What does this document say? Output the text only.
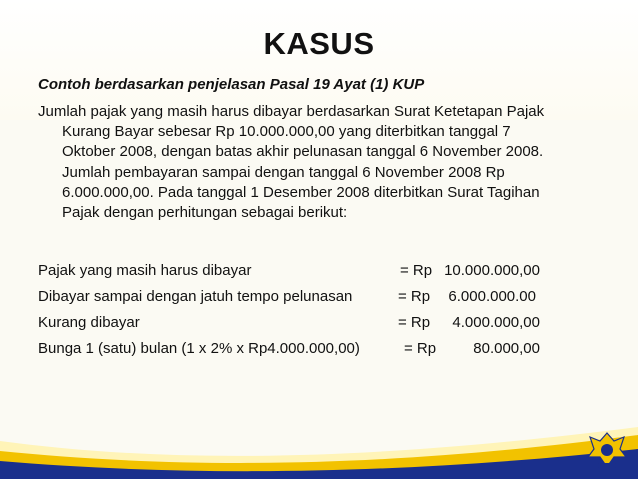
KASUS
Contoh berdasarkan penjelasan Pasal 19 Ayat (1) KUP
Jumlah pajak yang masih harus dibayar berdasarkan Surat Ketetapan Pajak
Kurang Bayar sebesar Rp 10.000.000,00 yang diterbitkan tanggal 7
Oktober 2008, dengan batas akhir pelunasan tanggal 6 November 2008.
Jumlah pembayaran sampai dengan tanggal 6 November 2008 Rp
6.000.000,00. Pada tanggal 1 Desember 2008 diterbitkan Surat Tagihan
Pajak dengan perhitungan sebagai berikut:
Pajak yang masih harus dibayar	= Rp 10.000.000,00
Dibayar sampai dengan jatuh tempo pelunasan	= Rp 6.000.000.00
Kurang dibayar	= Rp 4.000.000,00
Bunga 1 (satu) bulan (1 x 2% x Rp4.000.000,00)	= Rp 80.000,00
